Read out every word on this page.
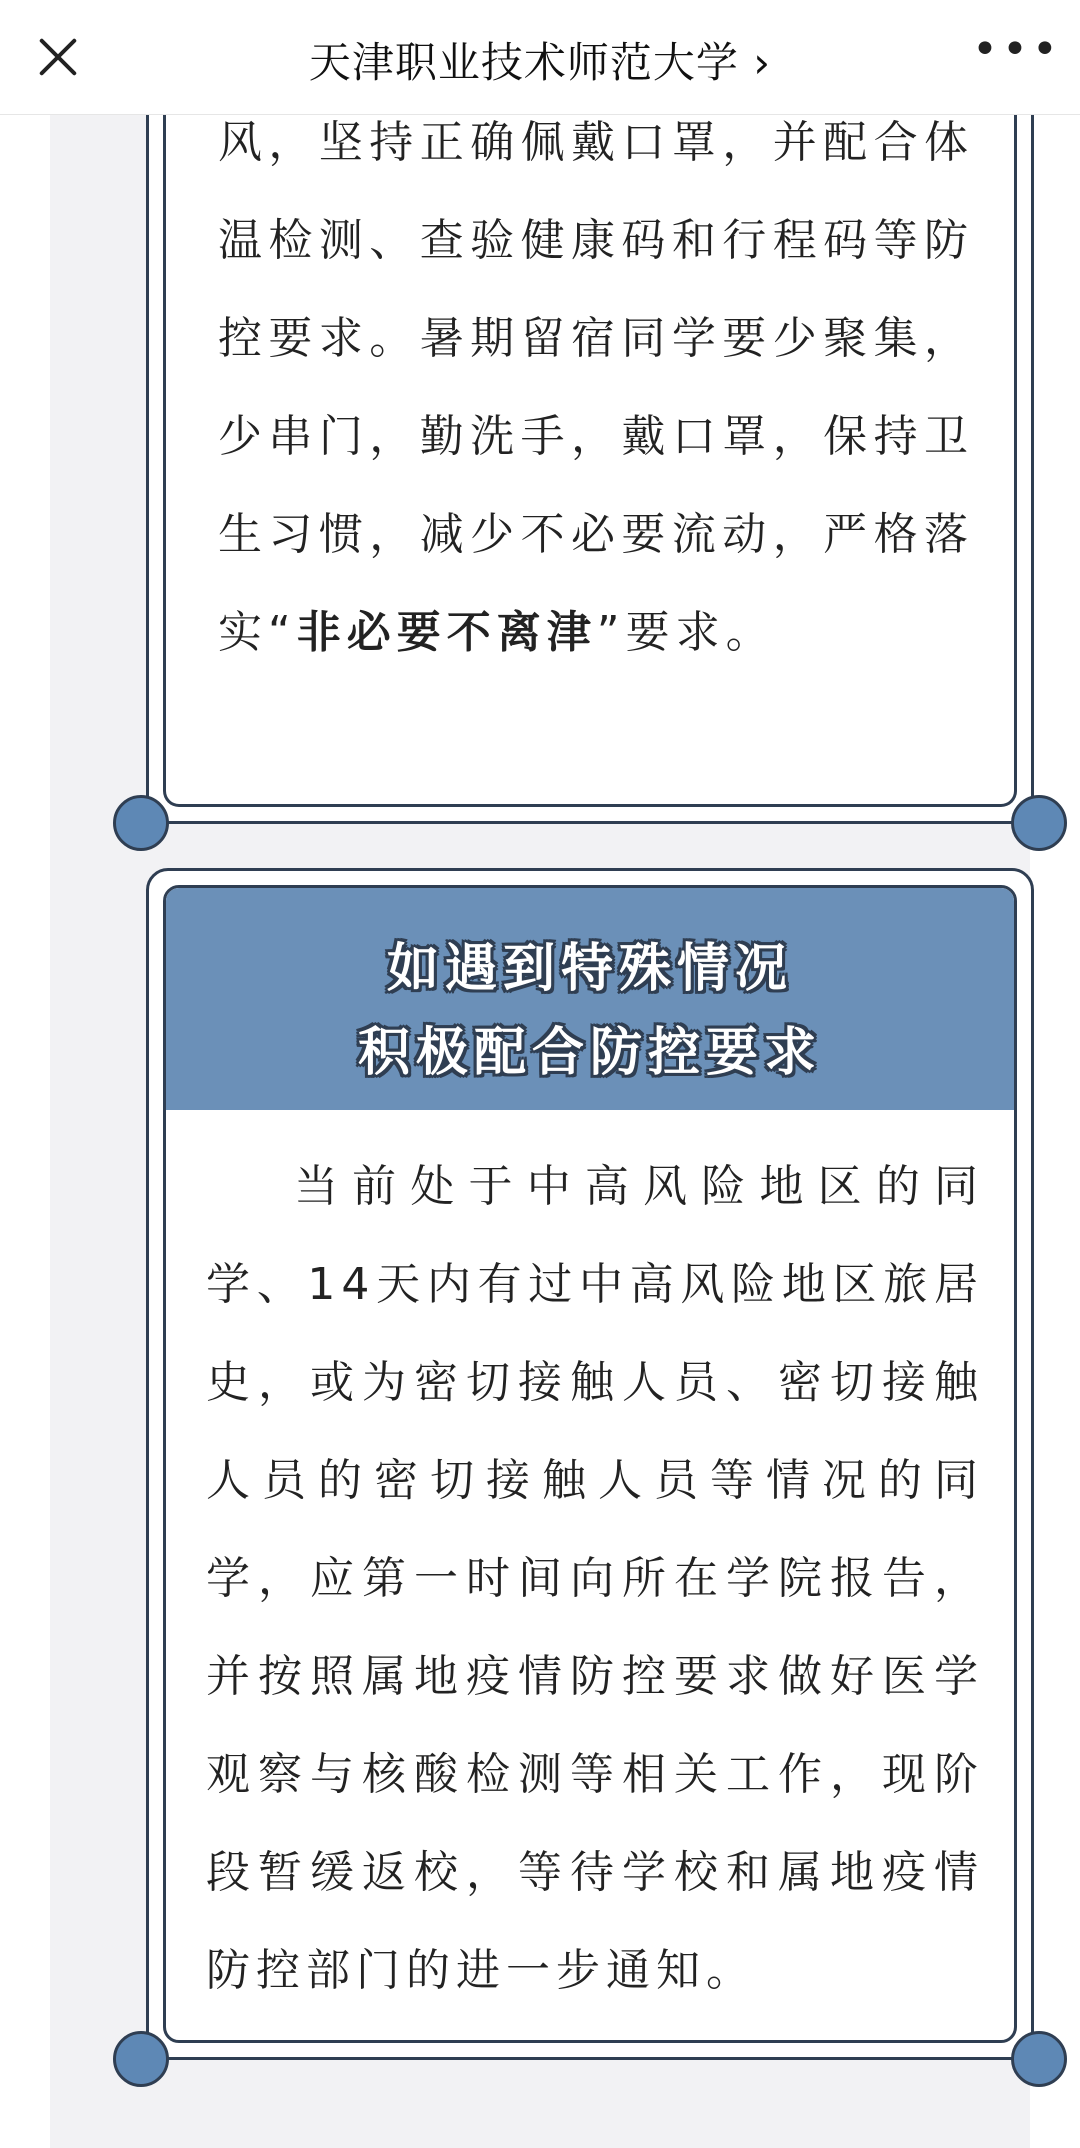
天津职业技术师范大学 ›	•••
风，坚持正确佩戴口罩，并配合体温检测、查验健康码和行程码等防控要求。暑期留宿同学要少聚集，少串门，勤洗手，戴口罩，保持卫生习惯，减少不必要流动，严格落实“非必要不离津”要求。
如遇到特殊情况
积极配合防控要求
当前处于中高风险地区的同学、14天内有过中高风险地区旅居史，或为密切接触人员、密切接触人员的密切接触人员等情况的同学，应第一时间向所在学院报告，并按照属地疫情防控要求做好医学观察与核酸检测等相关工作，现阶段暂缓返校，等待学校和属地疫情防控部门的进一步通知。
